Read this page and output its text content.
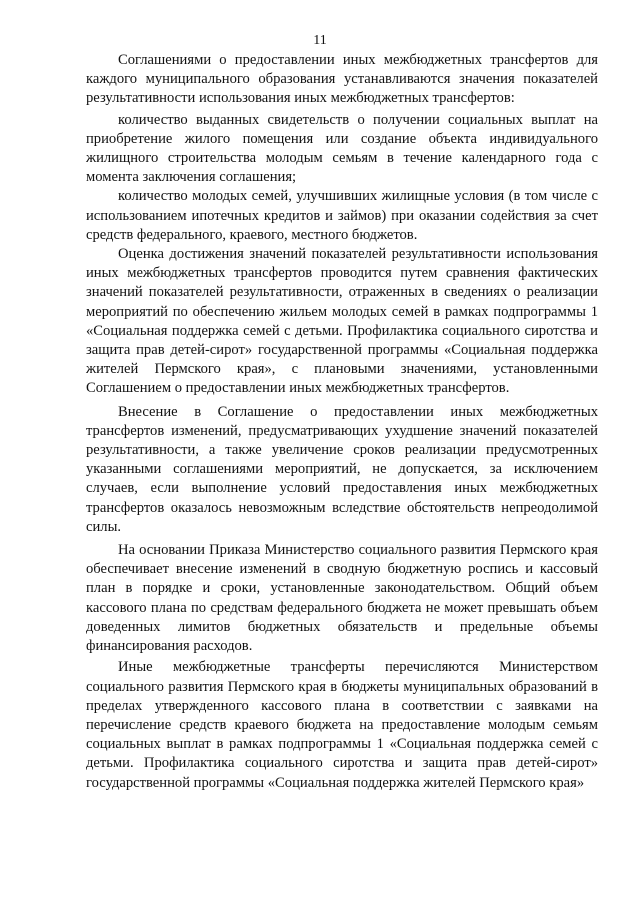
11

Соглашениями о предоставлении иных межбюджетных трансфертов для каждого муниципального образования устанавливаются значения показателей результативности использования иных межбюджетных трансфертов:

количество выданных свидетельств о получении социальных выплат на приобретение жилого помещения или создание объекта индивидуального жилищного строительства молодым семьям в течение календарного года с момента заключения соглашения;

количество молодых семей, улучшивших жилищные условия (в том числе с использованием ипотечных кредитов и займов) при оказании содействия за счет средств федерального, краевого, местного бюджетов.

Оценка достижения значений показателей результативности использования иных межбюджетных трансфертов проводится путем сравнения фактических значений показателей результативности, отраженных в сведениях о реализации мероприятий по обеспечению жильем молодых семей в рамках подпрограммы 1 «Социальная поддержка семей с детьми. Профилактика социального сиротства и защита прав детей-сирот» государственной программы «Социальная поддержка жителей Пермского края», с плановыми значениями, установленными Соглашением о предоставлении иных межбюджетных трансфертов.

Внесение в Соглашение о предоставлении иных межбюджетных трансфертов изменений, предусматривающих ухудшение значений показателей результативности, а также увеличение сроков реализации предусмотренных указанными соглашениями мероприятий, не допускается, за исключением случаев, если выполнение условий предоставления иных межбюджетных трансфертов оказалось невозможным вследствие обстоятельств непреодолимой силы.

На основании Приказа Министерство социального развития Пермского края обеспечивает внесение изменений в сводную бюджетную роспись и кассовый план в порядке и сроки, установленные законодательством. Общий объем кассового плана по средствам федерального бюджета не может превышать объем доведенных лимитов бюджетных обязательств и предельные объемы финансирования расходов.

Иные межбюджетные трансферты перечисляются Министерством социального развития Пермского края в бюджеты муниципальных образований в пределах утвержденного кассового плана в соответствии с заявками на перечисление средств краевого бюджета на предоставление молодым семьям социальных выплат в рамках подпрограммы 1 «Социальная поддержка семей с детьми. Профилактика социального сиротства и защита прав детей-сирот» государственной программы «Социальная поддержка жителей Пермского края»
